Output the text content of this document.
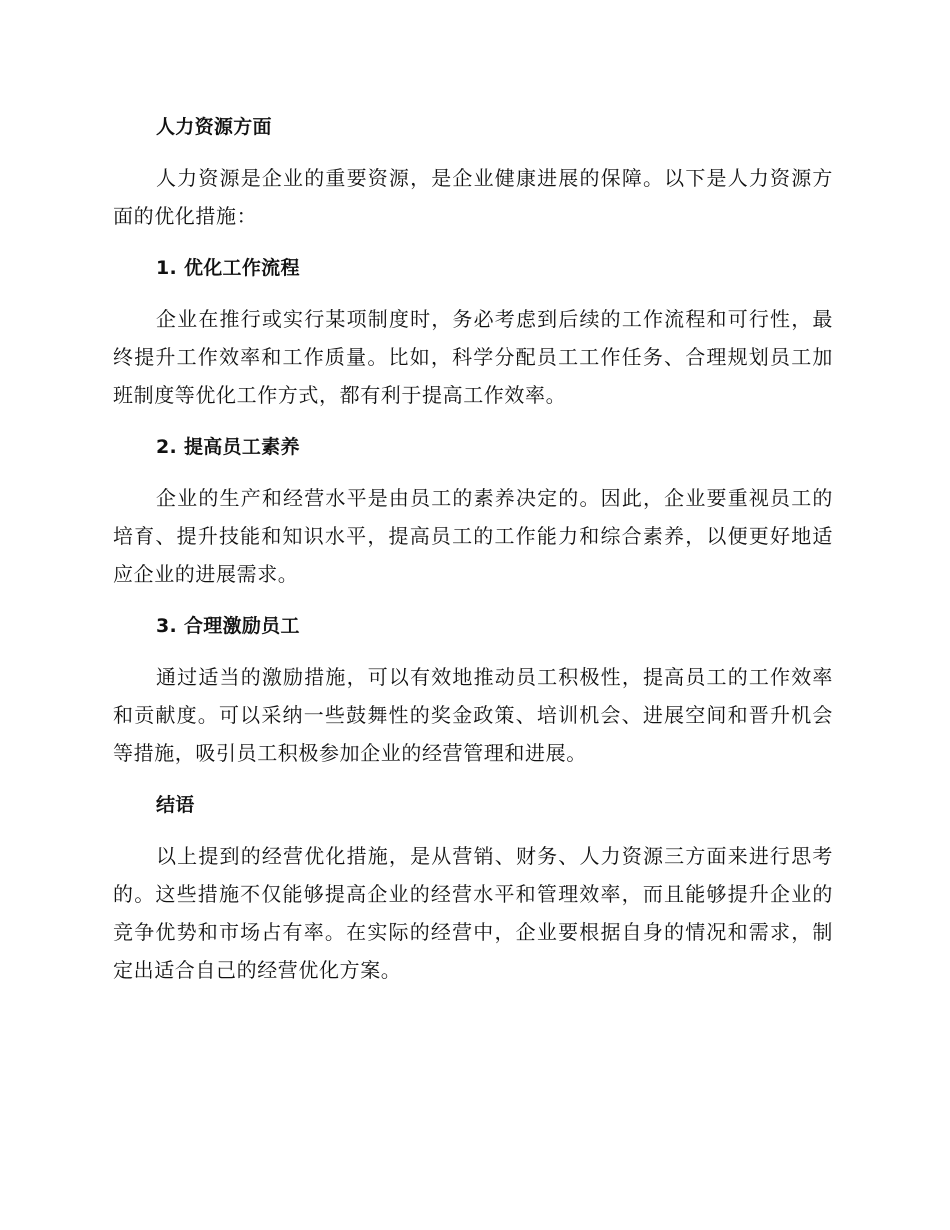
人力资源方面

人力资源是企业的重要资源，是企业健康进展的保障。以下是人力资源方面的优化措施：

1. 优化工作流程

企业在推行或实行某项制度时，务必考虑到后续的工作流程和可行性，最终提升工作效率和工作质量。比如，科学分配员工工作任务、合理规划员工加班制度等优化工作方式，都有利于提高工作效率。

2. 提高员工素养

企业的生产和经营水平是由员工的素养决定的。因此，企业要重视员工的培育、提升技能和知识水平，提高员工的工作能力和综合素养，以便更好地适应企业的进展需求。

3. 合理激励员工

通过适当的激励措施，可以有效地推动员工积极性，提高员工的工作效率和贡献度。可以采纳一些鼓舞性的奖金政策、培训机会、进展空间和晋升机会等措施，吸引员工积极参加企业的经营管理和进展。

结语

以上提到的经营优化措施，是从营销、财务、人力资源三方面来进行思考的。这些措施不仅能够提高企业的经营水平和管理效率，而且能够提升企业的竞争优势和市场占有率。在实际的经营中，企业要根据自身的情况和需求，制定出适合自己的经营优化方案。
